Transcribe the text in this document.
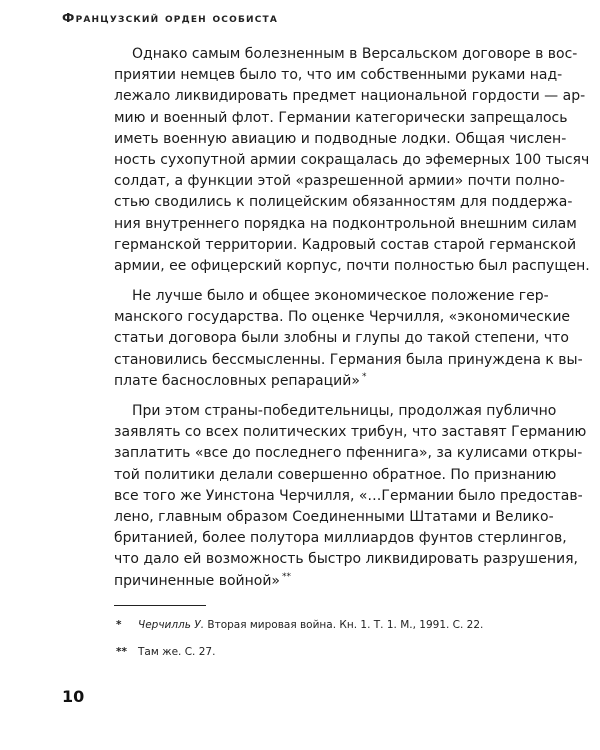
Французский орден особиста
Однако самым болезненным в Версальском договоре в вос-
приятии немцев было то, что им собственными руками над-
лежало ликвидировать предмет национальной гордости — ар-
мию и военный флот. Германии категорически запрещалось
иметь военную авиацию и подводные лодки. Общая числен-
ность сухопутной армии сокращалась до эфемерных 100 тысяч
солдат, а функции этой «разрешенной армии» почти полно-
стью сводились к полицейским обязанностям для поддержа-
ния внутреннего порядка на подконтрольной внешним силам
германской территории. Кадровый состав старой германской
армии, ее офицерский корпус, почти полностью был распущен.
Не лучше было и общее экономическое положение гер-
манского государства. По оценке Черчилля, «экономические
статьи договора были злобны и глупы до такой степени, что
становились бессмысленны. Германия была принуждена к вы-
плате баснословных репараций» *
При этом страны-победительницы, продолжая публично
заявлять со всех политических трибун, что заставят Германию
заплатить «все до последнего пфеннига», за кулисами откры-
той политики делали совершенно обратное. По признанию
все того же Уинстона Черчилля, «…Германии было предостав-
лено, главным образом Соединенными Штатами и Велико-
британией, более полутора миллиардов фунтов стерлингов,
что дало ей возможность быстро ликвидировать разрушения,
причиненные войной» **
* Черчилль У. Вторая мировая война. Кн. 1. Т. 1. М., 1991. С. 22.
** Там же. С. 27.
10
